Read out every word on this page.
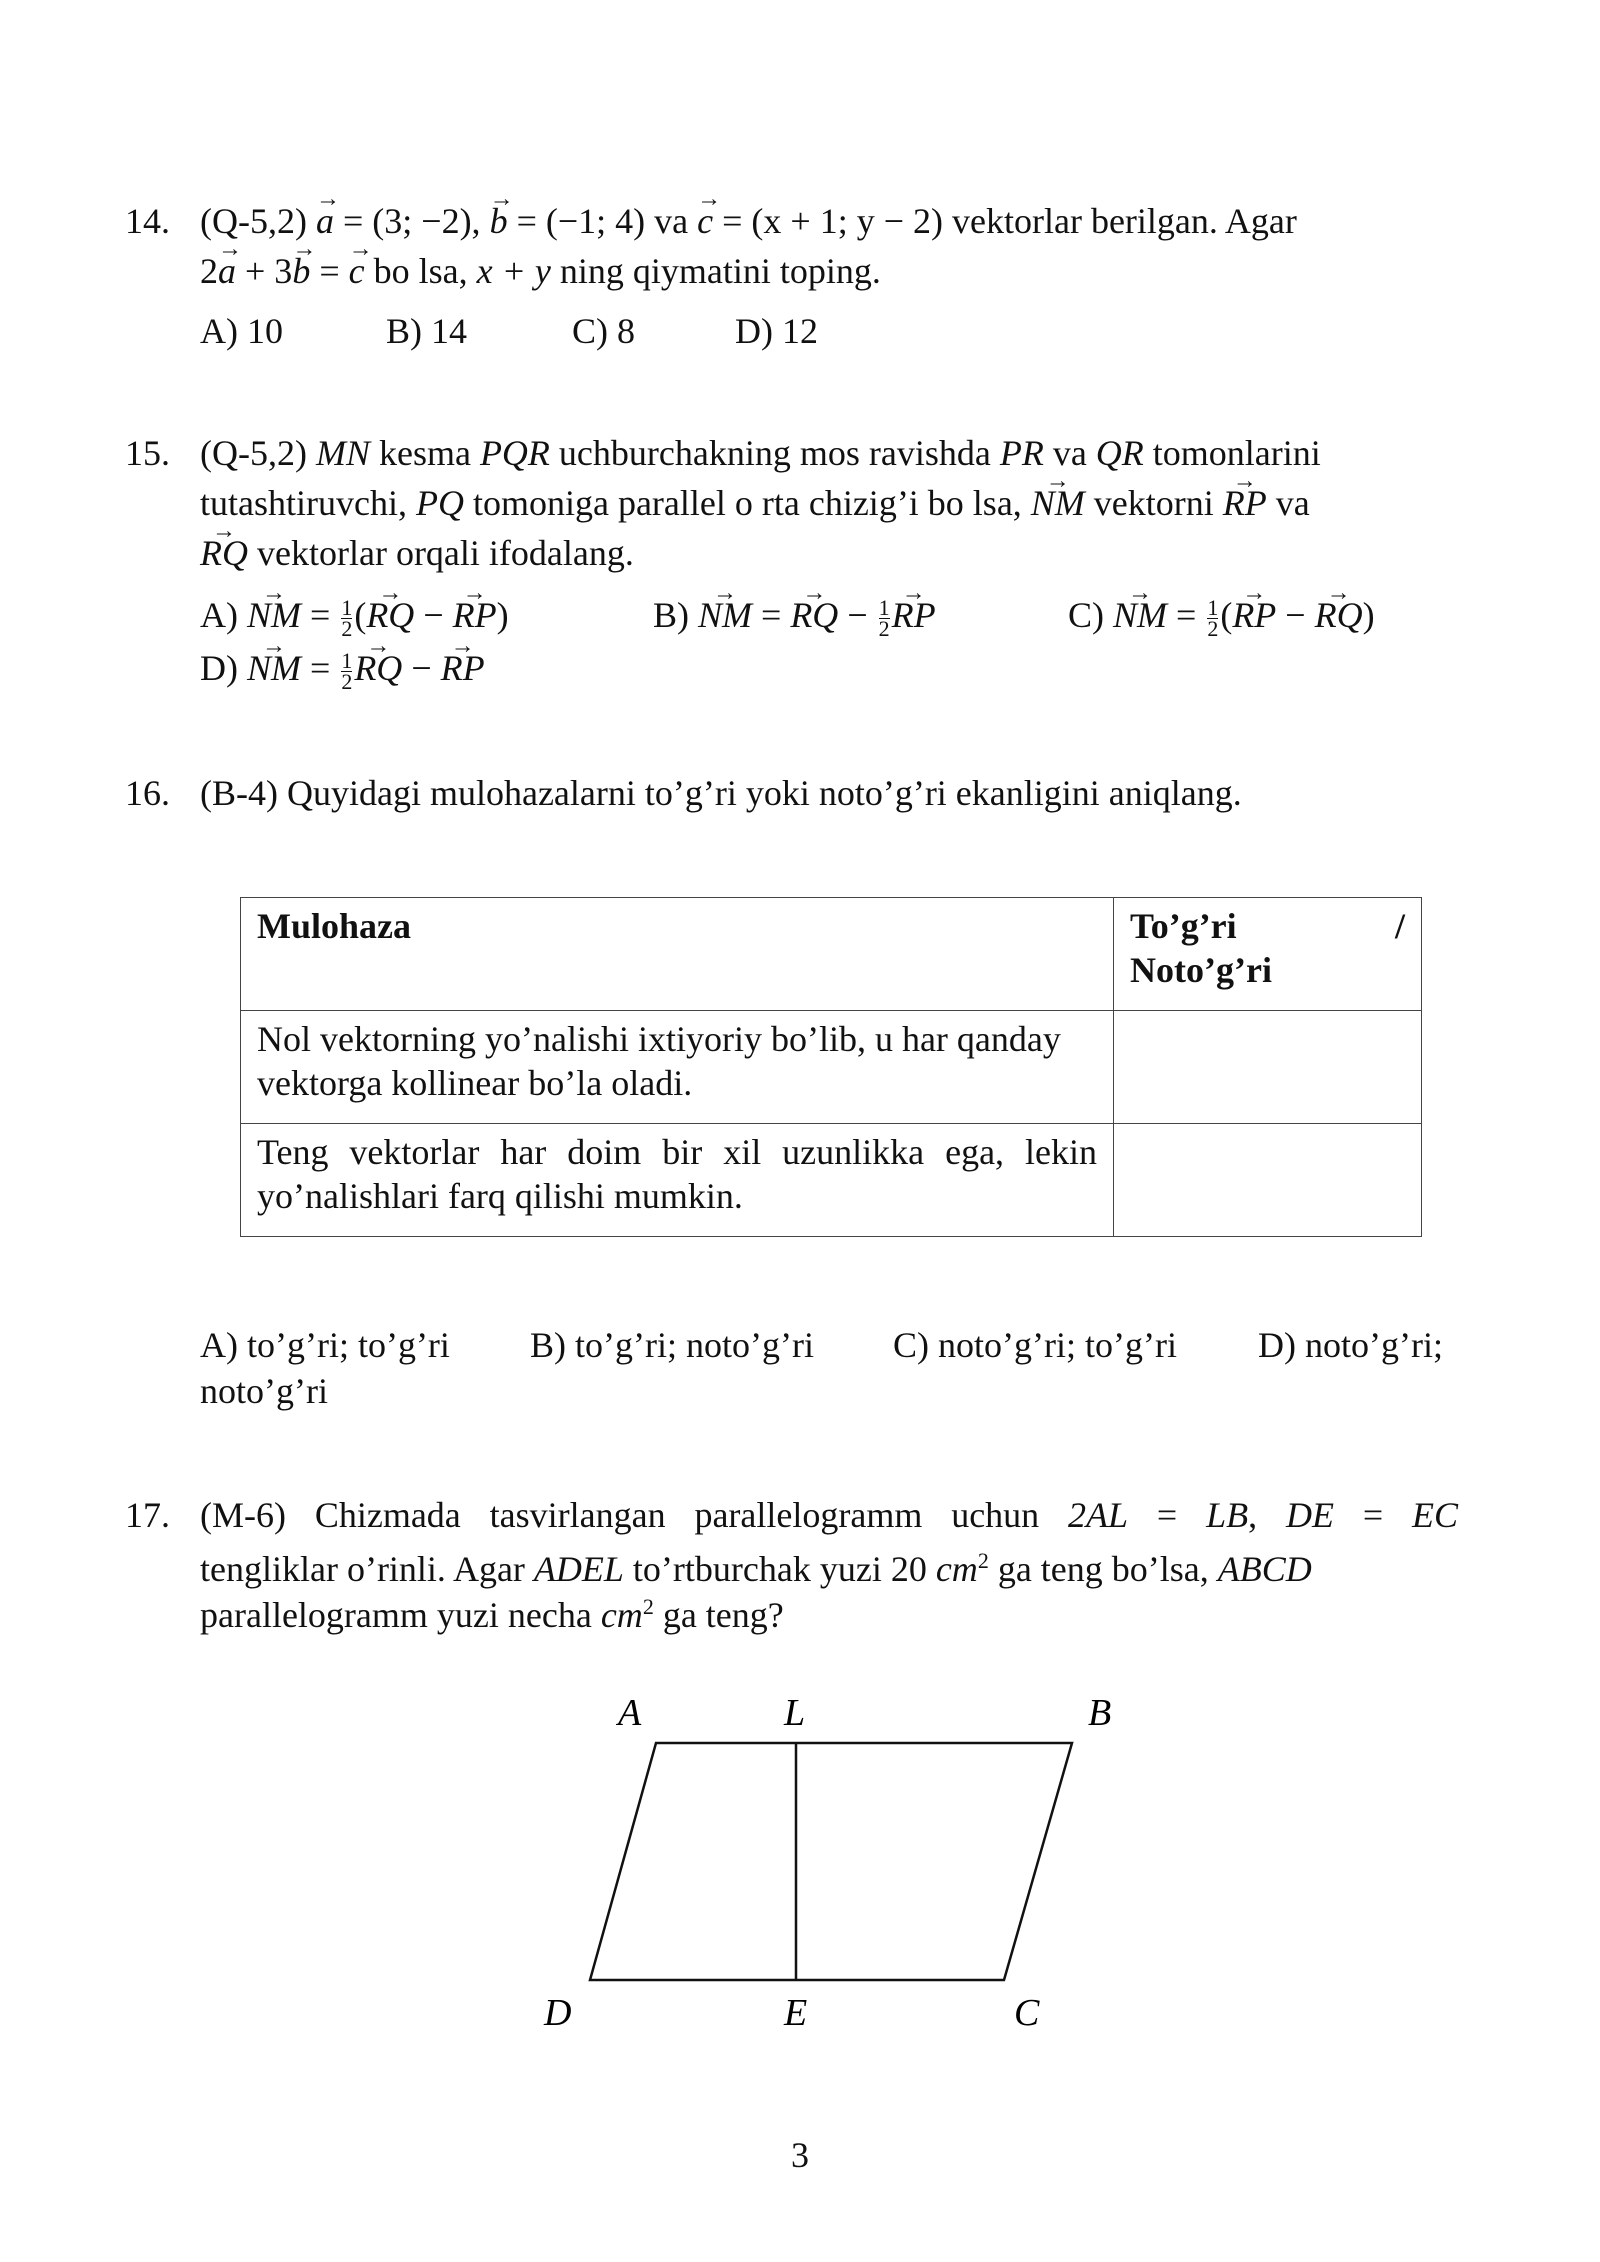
14. (Q-5,2) a → = (3; −2), b → = (−1; 4) va c → = (x + 1; y − 2) vektorlar berilgan. Agar
2a → + 3b → = c → bo lsa, x + y ning qiymatini toping.
A) 10	B) 14	C) 8	D) 12
15. (Q-5,2) MN kesma PQR uchburchakning mos ravishda PR va QR tomonlarini
tutashtiruvchi, PQ tomoniga parallel o rta chizig’i bo lsa, NM → vektorni RP → va
RQ → vektorlar orqali ifodalang.
A) NM → = $\frac{1}{2} (RQ$ → − RP →)	B) NM → = RQ → − $\frac{1}{2}$ RP →	C) NM → = $\frac{1}{2} (RP$ → − RQ →)
D) NM → = $\frac{1}{2}$ RQ → − RP →
16. (B-4) Quyidagi mulohazalarni to’g’ri yoki noto’g’ri ekanligini aniqlang.
Mulohaza	To’g’ri /
Noto’g’ri

Nol vektorning yo’nalishi ixtiyoriy bo’lib, u har qanday vektorga kollinear bo’la oladi.	
Teng vektorlar har doim bir xil uzunlikka ega, lekin yo’nalishlari farq qilishi mumkin.	
A) to’g’ri; to’g’ri B) to’g’ri; noto’g’ri C) noto’g’ri; to’g’ri D) noto’g’ri;
noto’g’ri
17. (M-6) Chizmada tasvirlangan parallelogramm uchun 2AL = LB, DE = EC
tengliklar o’rinli. Agar ADEL to’rtburchak yuzi 20 $cm^2$ ga teng bo’lsa, ABCD
parallelogramm yuzi necha $cm^2$ ga teng?
A	L	B
D	E	C
3
